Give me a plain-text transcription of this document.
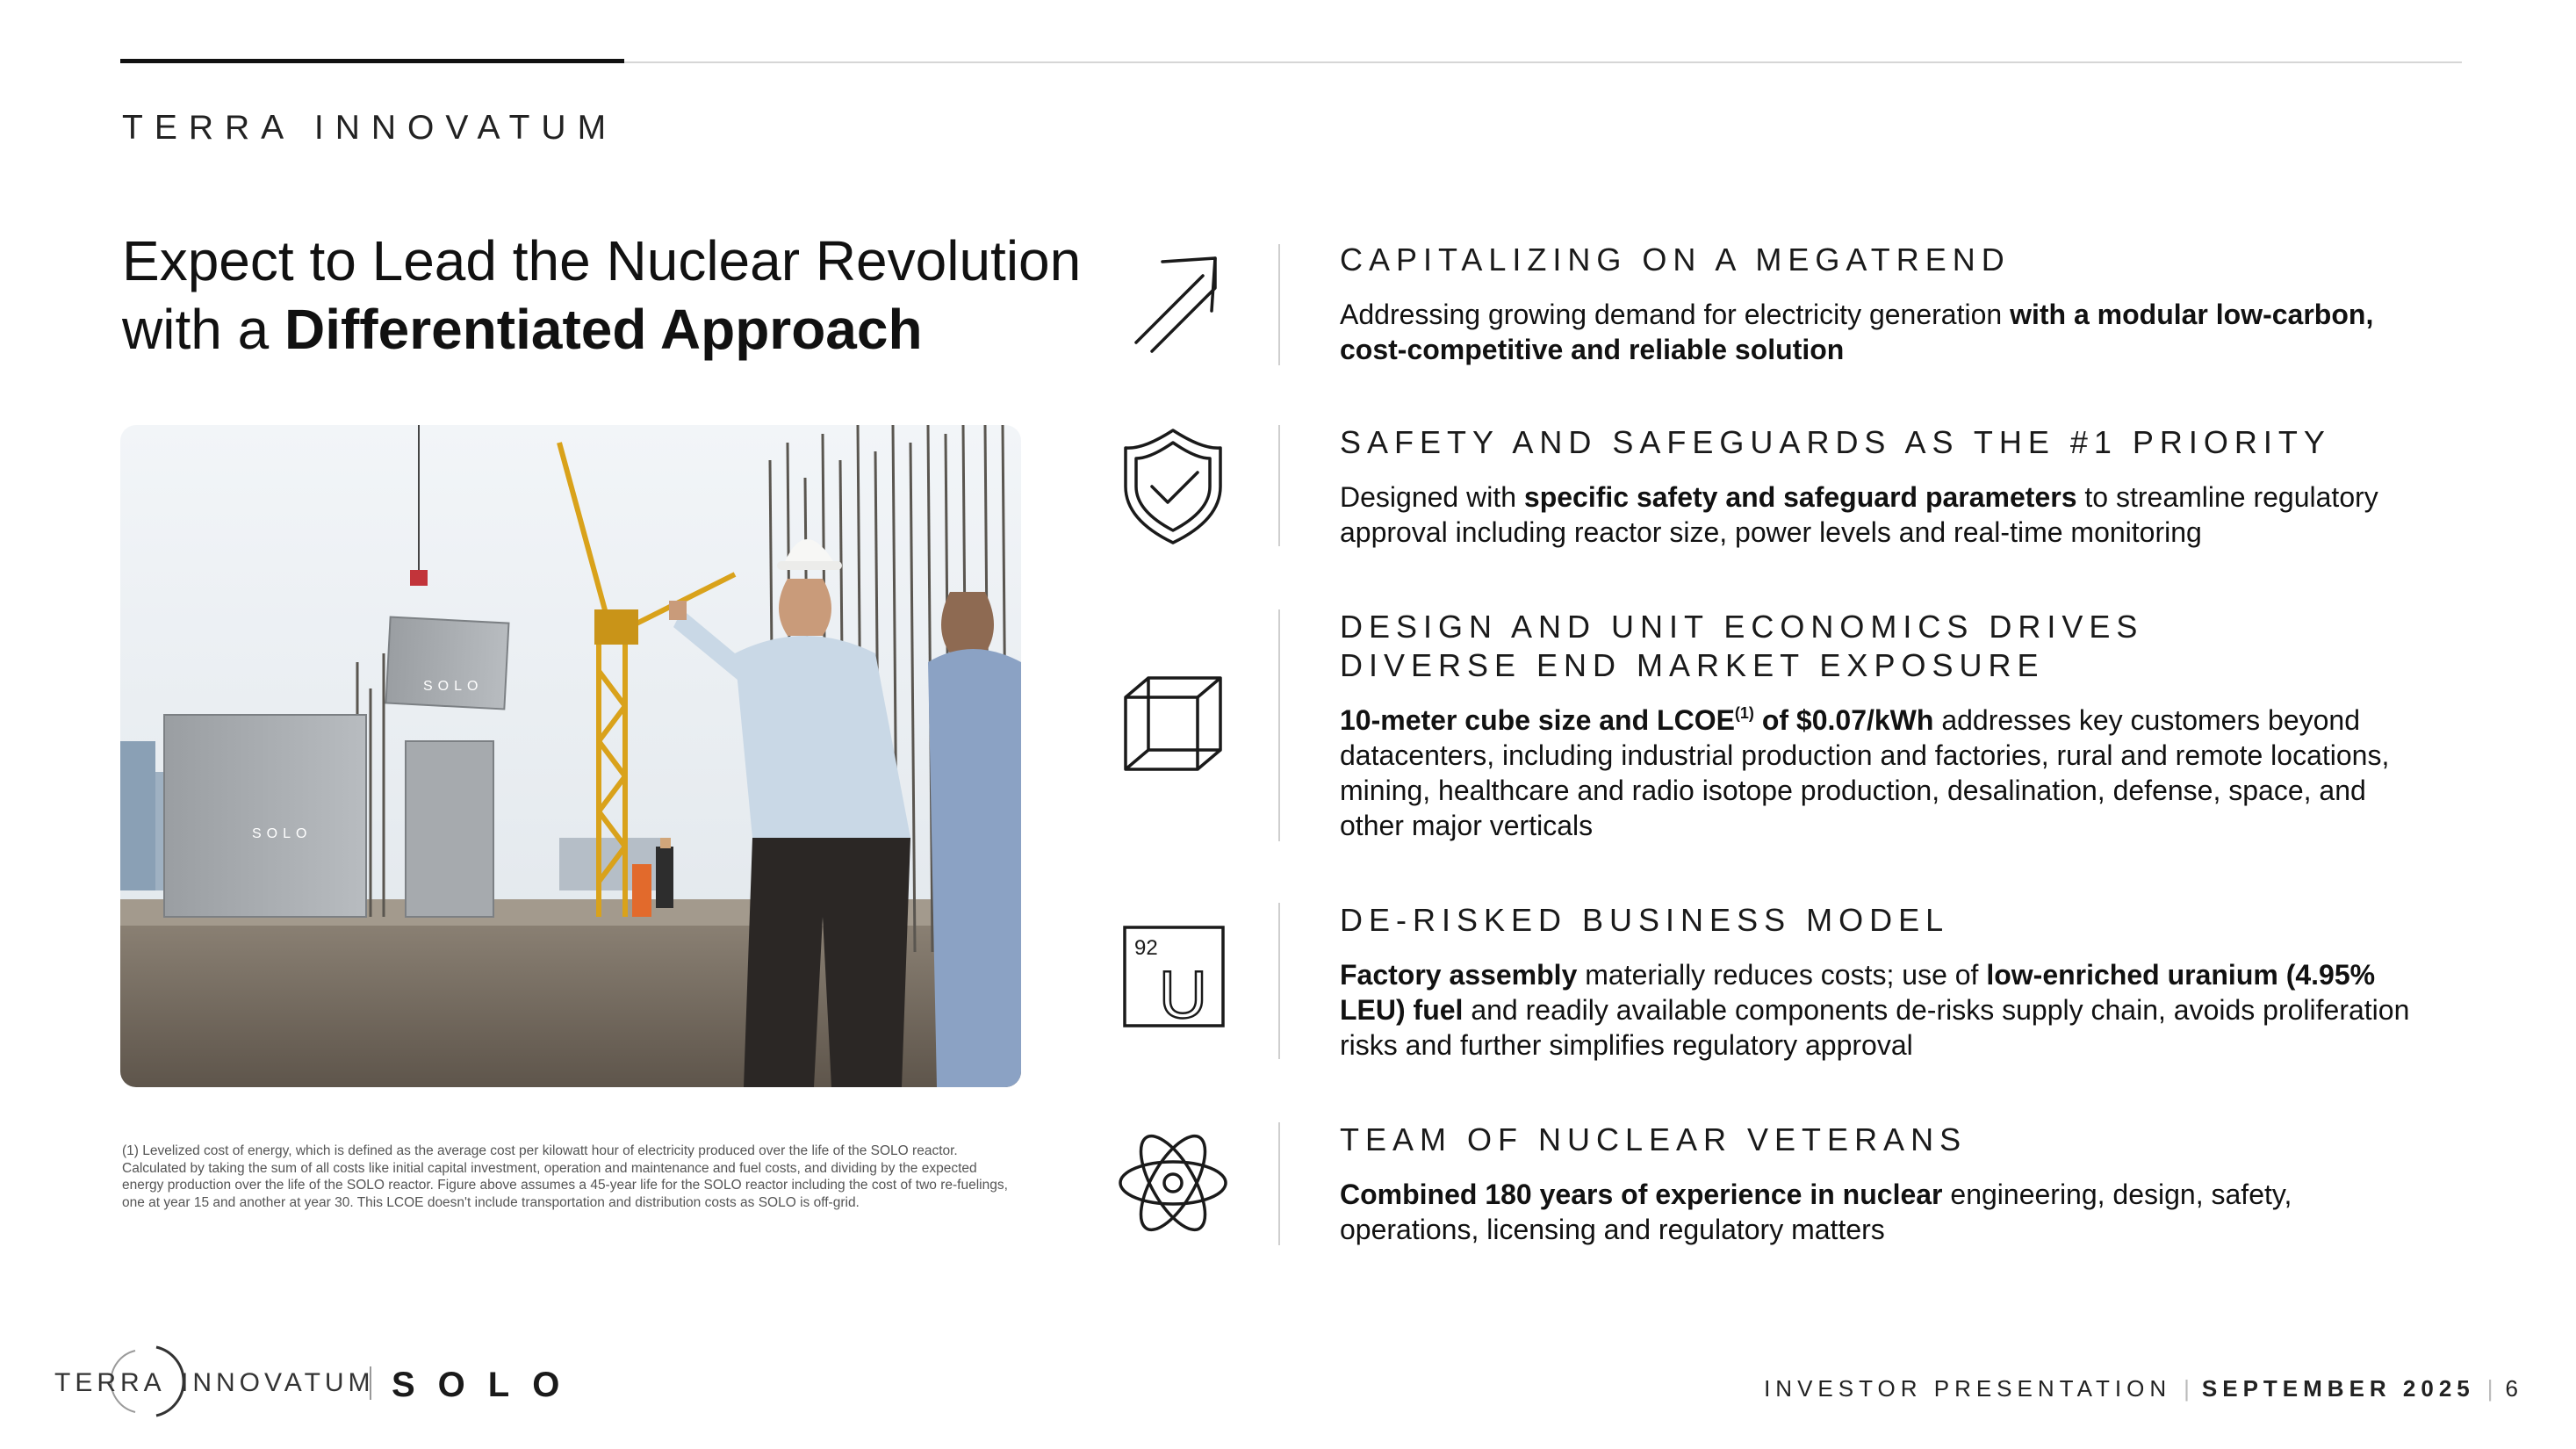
TERRA INNOVATUM
Expect to Lead the Nuclear Revolution
with a Differentiated Approach
SOLO
SOLO
(1) Levelized cost of energy, which is defined as the average cost per kilowatt hour of electricity produced over the life of the SOLO reactor. Calculated by taking the sum of all costs like initial capital investment, operation and maintenance and fuel costs, and dividing by the expected energy production over the life of the SOLO reactor. Figure above assumes a 45-year life for the SOLO reactor including the cost of two re-fuelings, one at year 15 and another at year 30. This LCOE doesn't include transportation and distribution costs as SOLO is off-grid.
CAPITALIZING ON A MEGATREND

Addressing growing demand for electricity generation with a modular low-carbon, cost-competitive and reliable solution

SAFETY AND SAFEGUARDS AS THE #1 PRIORITY

Designed with specific safety and safeguard parameters to streamline regulatory approval including reactor size, power levels and real-time monitoring

DESIGN AND UNIT ECONOMICS DRIVES
DIVERSE END MARKET EXPOSURE

10-meter cube size and LCOE$^{(1)}$ of $0.07/kWh addresses key customers beyond datacenters, including industrial production and factories, rural and remote locations, mining, healthcare and radio isotope production, desalination, defense, space, and other major verticals

92
U
DE-RISKED BUSINESS MODEL

Factory assembly materially reduces costs; use of low-enriched uranium (4.95% LEU) fuel and readily available components de-risks supply chain, avoids proliferation risks and further simplifies regulatory approval

TEAM OF NUCLEAR VETERANS

Combined 180 years of experience in nuclear engineering, design, safety, operations, licensing and regulatory matters

TERRA INNOVATUM SOLO	INVESTOR PRESENTATION | SEPTEMBER 2025 | 6
